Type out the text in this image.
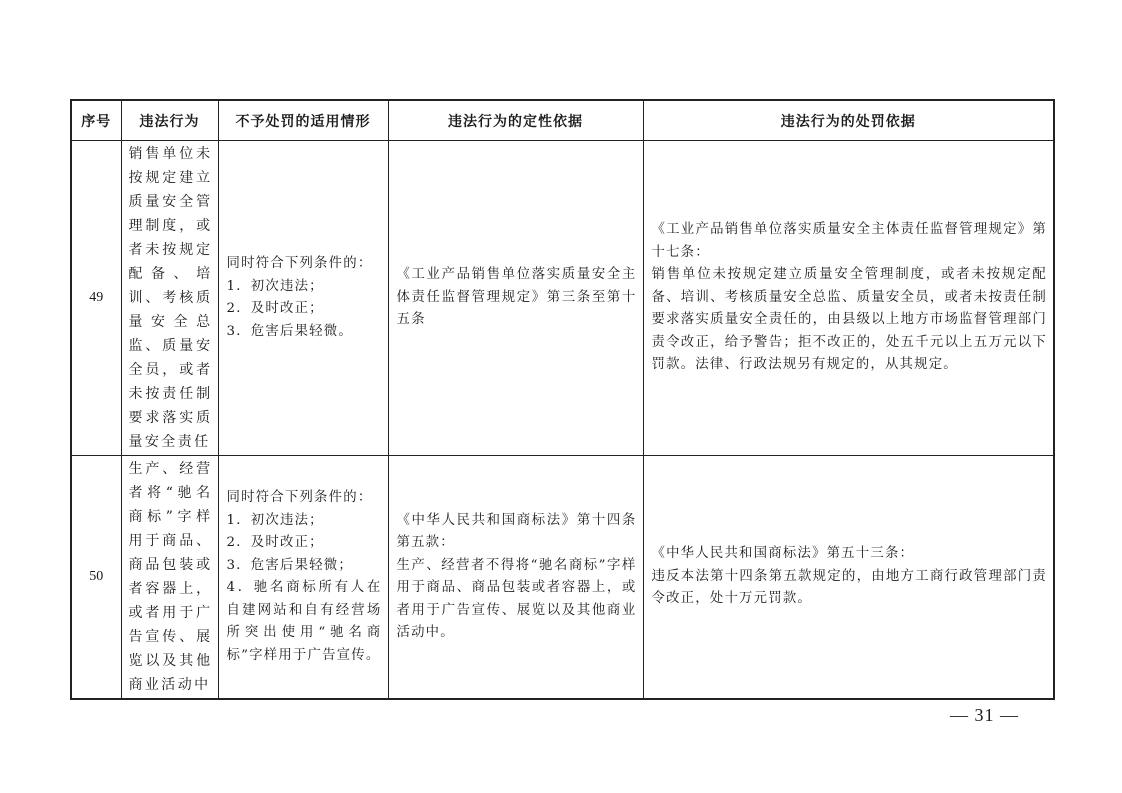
序号	违法行为	不予处罚的适用情形	违法行为的定性依据	违法行为的处罚依据
49	销售单位未按规定建立质量安全管理制度，或者未按规定配备、培训、考核质量安全总监、质量安全员，或者未按责任制要求落实质量安全责任	同时符合下列条件的：
1．初次违法；
2．及时改正；
3．危害后果轻微。	《工业产品销售单位落实质量安全主体责任监督管理规定》第三条至第十五条	《工业产品销售单位落实质量安全主体责任监督管理规定》第十七条：
销售单位未按规定建立质量安全管理制度，或者未按规定配备、培训、考核质量安全总监、质量安全员，或者未按责任制要求落实质量安全责任的，由县级以上地方市场监督管理部门责令改正，给予警告；拒不改正的，处五千元以上五万元以下罚款。法律、行政法规另有规定的，从其规定。

50	生产、经营者将“驰名商标”字样用于商品、商品包装或者容器上，或者用于广告宣传、展览以及其他商业活动中	同时符合下列条件的：
1．初次违法；
2．及时改正；
3．危害后果轻微；
4．驰名商标所有人在自建网站和自有经营场所突出使用“驰名商标”字样用于广告宣传。	《中华人民共和国商标法》第十四条第五款：
生产、经营者不得将“驰名商标”字样用于商品、商品包装或者容器上，或者用于广告宣传、展览以及其他商业活动中。	《中华人民共和国商标法》第五十三条：
违反本法第十四条第五款规定的，由地方工商行政管理部门责令改正，处十万元罚款。
— 31 —
